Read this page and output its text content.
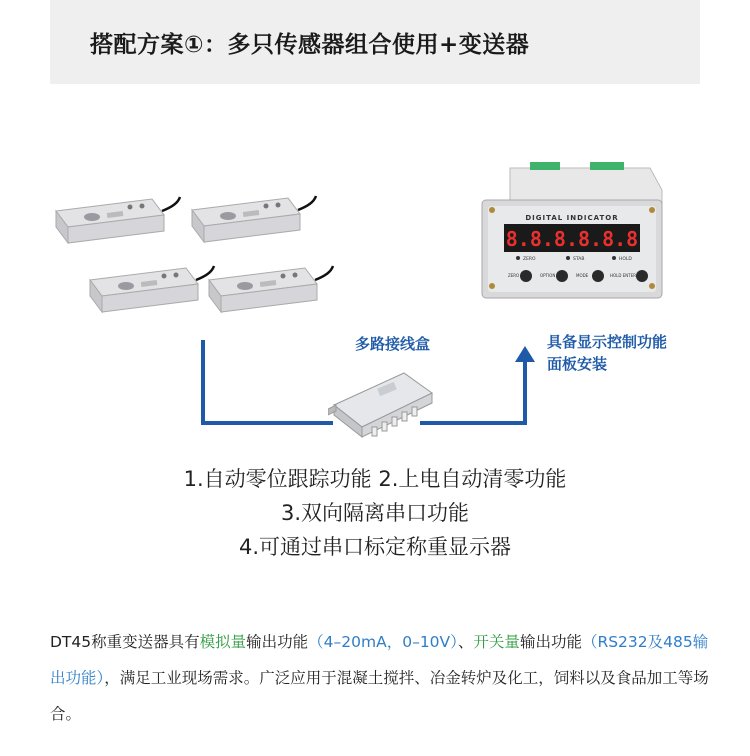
搭配方案①：多只传感器组合使用+变送器
DIGITAL INDICATOR
8.8.8.8.8.8
ZERO	STAB	HOLD
ZERO	OPTION	MODE	HOLD ENTER
多路接线盒	具备显示控制功能
面板安装
1.自动零位跟踪功能 2.上电自动清零功能
3.双向隔离串口功能
4.可通过串口标定称重显示器
DT45称重变送器具有模拟量输出功能（4–20mA，0–10V）、开关量输出功能（RS232及485输出功能），满足工业现场需求。广泛应用于混凝土搅拌、冶金转炉及化工，饲料以及食品加工等场合。
